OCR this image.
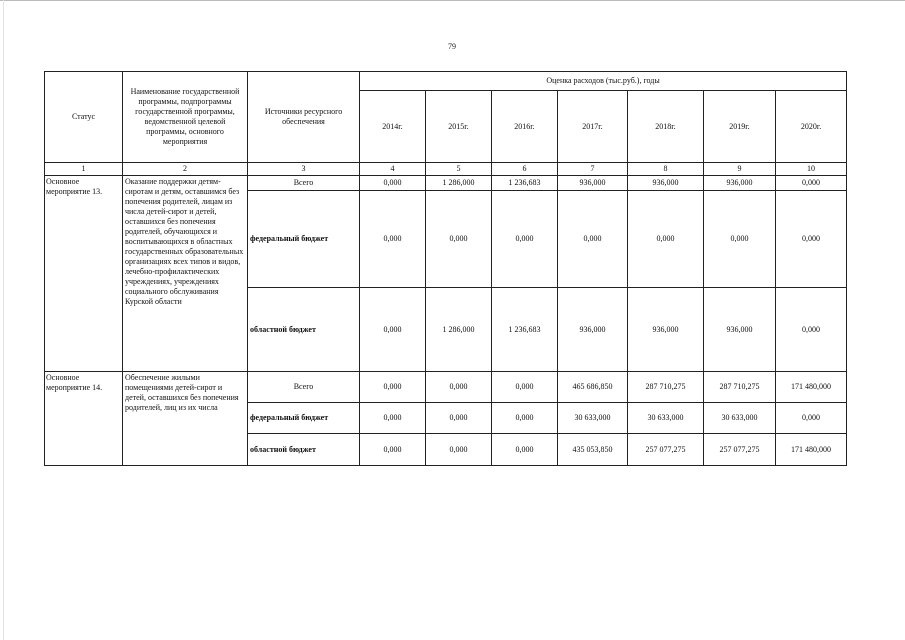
79
Статус	Наименование государственной программы, подпрограммы государственной программы, ведомственной целевой программы, основного мероприятия	Источники ресурсного обеспечения	Оценка расходов (тыс.руб.), годы						
			2014г.	2015г.	2016г.	2017г.	2018г.	2019г.	2020г.
1	2	3	4	5	6	7	8	9	10
Основное мероприятие 13.	Оказание поддержки детям-сиротам и детям, оставшимся без попечения родителей, лицам из числа детей-сирот и детей, оставшихся без попечения родителей, обучающихся и воспитывающихся в областных государственных образовательных организациях всех типов и видов, лечебно-профилактических учреждениях, учреждениях социального обслуживания Курской области	Всего	0,000	1 286,000	1 236,683	936,000	936,000	936,000	0,000
		федеральный бюджет	0,000	0,000	0,000	0,000	0,000	0,000	0,000
		областной бюджет	0,000	1 286,000	1 236,683	936,000	936,000	936,000	0,000
Основное мероприятие 14.	Обеспечение жилыми помещениями детей-сирот и детей, оставшихся без попечения родителей, лиц из их числа	Всего	0,000	0,000	0,000	465 686,850	287 710,275	287 710,275	171 480,000
		федеральный бюджет	0,000	0,000	0,000	30 633,000	30 633,000	30 633,000	0,000
		областной бюджет	0,000	0,000	0,000	435 053,850	257 077,275	257 077,275	171 480,000
